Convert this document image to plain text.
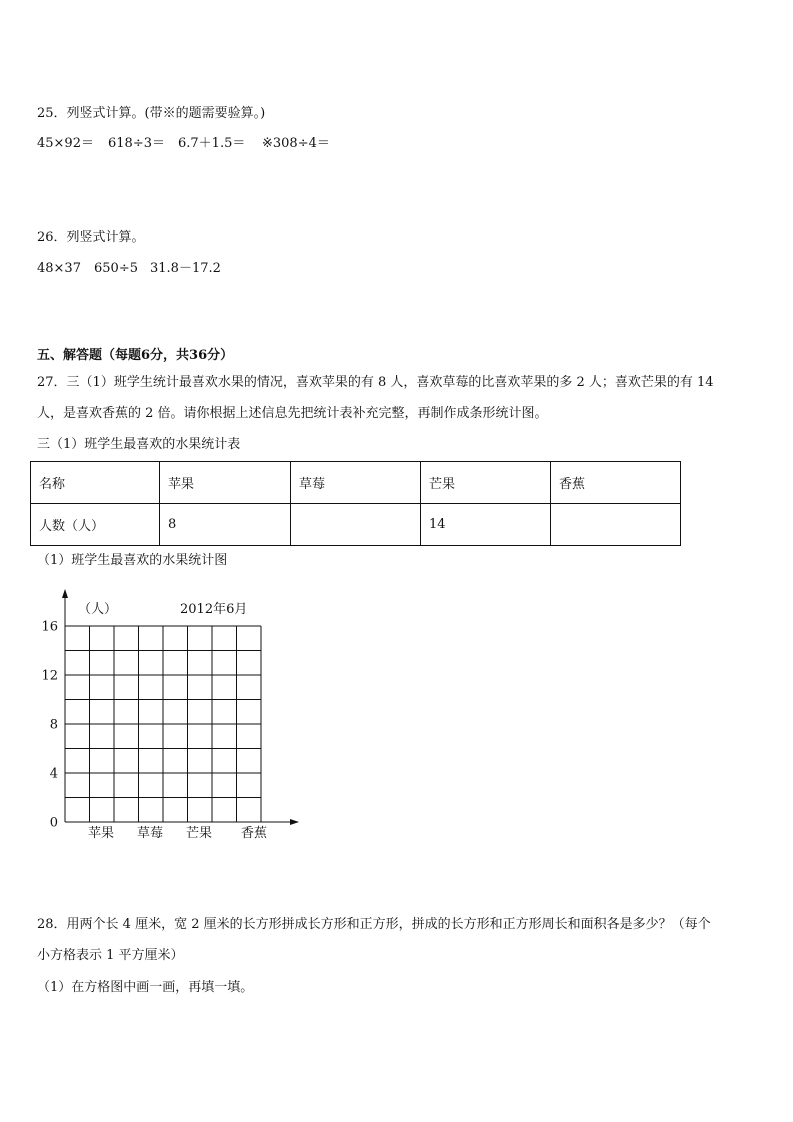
25．列竖式计算。(带※的题需要验算。)
45×92＝ 618÷3＝ 6.7＋1.5＝ ※308÷4＝
26．列竖式计算。
48×37 650÷5 31.8－17.2
五、解答题（每题6分，共36分）
27．三（1）班学生统计最喜欢水果的情况，喜欢苹果的有 8 人，喜欢草莓的比喜欢苹果的多 2 人；喜欢芒果的有 14
人，是喜欢香蕉的 2 倍。请你根据上述信息先把统计表补充完整，再制作成条形统计图。
三（1）班学生最喜欢的水果统计表
名称	苹果	草莓	芒果	香蕉
人数（人）	8		14	
（1）班学生最喜欢的水果统计图
（人）	2012年6月
0
4
8
12
16
苹果 草莓 芒果 香蕉
28．用两个长 4 厘米，宽 2 厘米的长方形拼成长方形和正方形，拼成的长方形和正方形周长和面积各是多少？（每个
小方格表示 1 平方厘米）
（1）在方格图中画一画，再填一填。
